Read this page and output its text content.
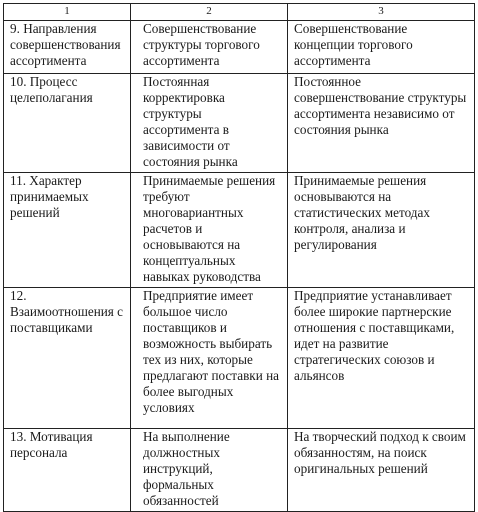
1	2	3
9. Направления совершенствования ассортимента	Совершенствование структуры торгового ассортимента	Совершенствование концепции торгового ассортимента
10. Процесс целеполагания	Постоянная корректировка структуры ассортимента в зависимости от состояния рынка	Постоянное совершенствование структуры ассортимента независимо от состояния рынка
11. Характер принимаемых решений	Принимаемые решения требуют многовариантных расчетов и основываются на концептуальных навыках руководства	Принимаемые решения основываются на статистических методах контроля, анализа и регулирования
12. Взаимоотношения с поставщиками	Предприятие имеет большое число поставщиков и возможность выбирать тех из них, которые предлагают поставки на более выгодных условиях	Предприятие устанавливает более широкие партнерские отношения с поставщиками, идет на развитие стратегических союзов и альянсов
13. Мотивация персонала	На выполнение должностных инструкций, формальных обязанностей	На творческий подход к своим обязанностям, на поиск оригинальных решений
